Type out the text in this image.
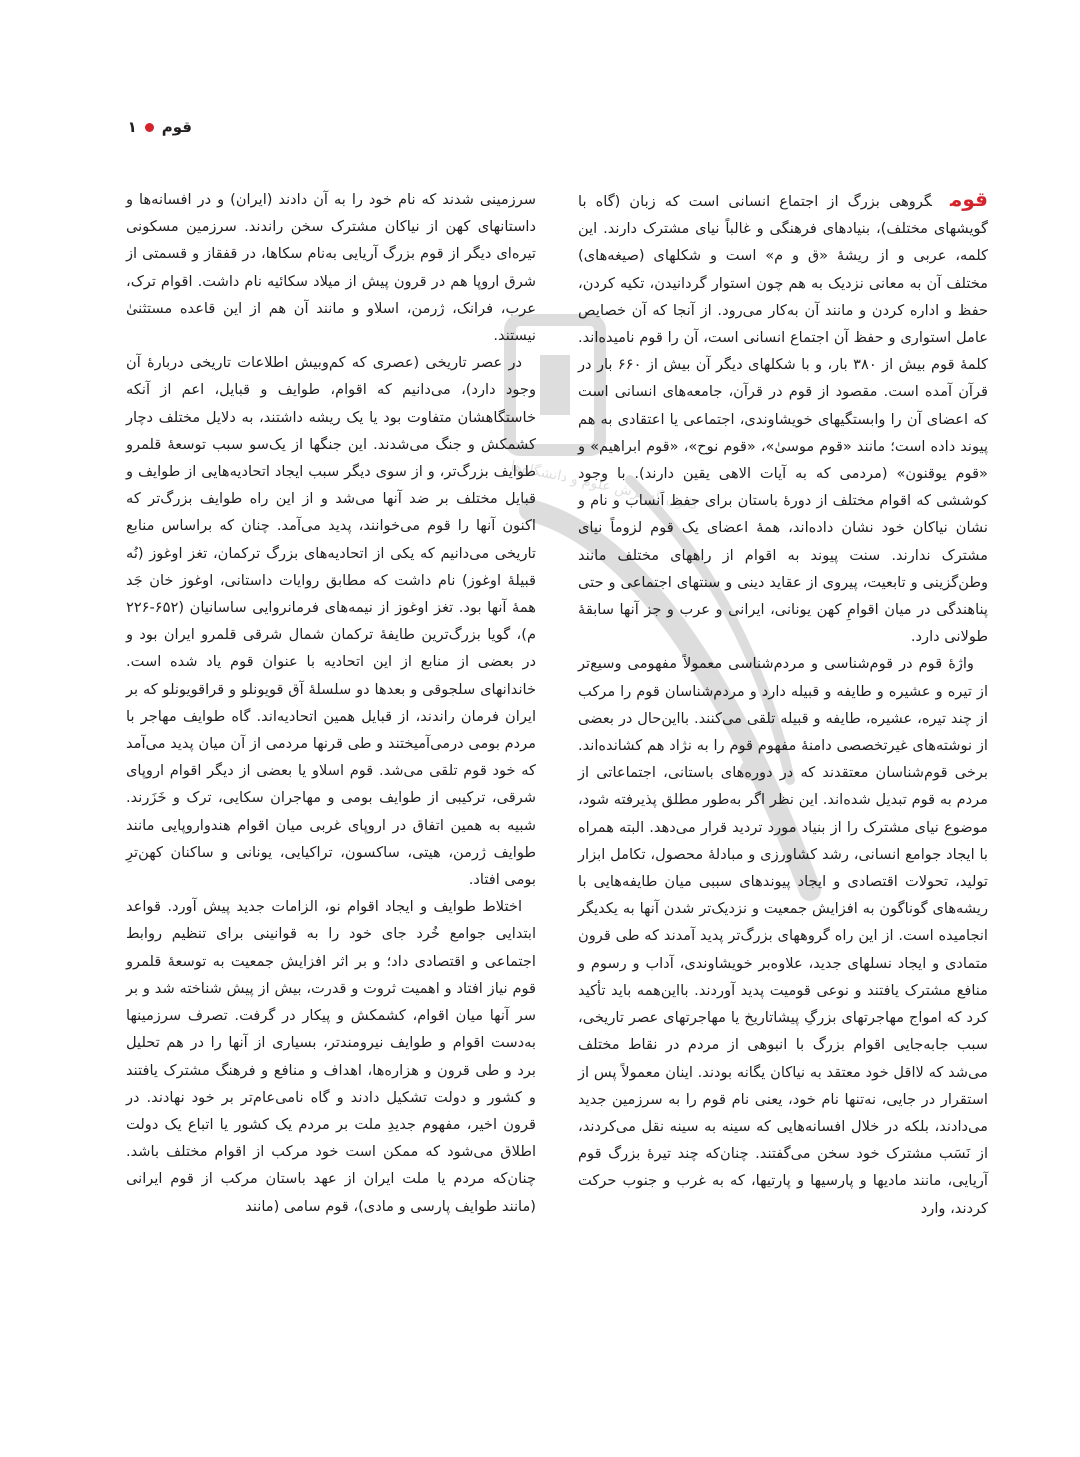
قوم
۱

قومگروهی بزرگ از اجتماع انسانی است که زبان (گاه با گویشهای مختلف)، بنیادهای فرهنگی و غالباً نیای مشترک دارند. این کلمه، عربی و از ریشهٔ «ق و م» است و شکلهای (صیغه‌های) مختلف آن به معانی نزدیک به هم چون استوار گردانیدن، تکیه کردن، حفظ و اداره کردن و مانند آن به‌کار می‌رود. از آنجا که آن خصایص عامل استواری و حفظ آن اجتماع انسانی است، آن را قوم نامیده‌اند. کلمهٔ قوم بیش از ۳۸۰ بار، و با شکلهای دیگر آن بیش از ۶۶۰ بار در قرآن آمده است. مقصود از قوم در قرآن، جامعه‌های انسانی است که اعضای آن را وابستگیهای خویشاوندی، اجتماعی یا اعتقادی به هم پیوند داده است؛ مانند «قوم موسیٰ»، «قوم نوح»، «قوم ابراهیم» و «قوم یوقنون» (مردمی که به آیات الاهی یقین دارند). با وجود کوششی که اقوام مختلف از دورهٔ باستان برای حفظ اَنساب و نام و نشان نیاکان خود نشان داده‌اند، همهٔ اعضای یک قوم لزوماً نیای مشترک ندارند. سنت پیوند به اقوام از راههای مختلف مانند وطن‌گزینی و تابعیت، پیروی از عقاید دینی و سنتهای اجتماعی و حتی پناهندگی در میان اقوامِ کهن یونانی، ایرانی و عرب و جز آنها سابقهٔ طولانی دارد.

واژهٔ قوم در قوم‌شناسی و مردم‌شناسی معمولاً مفهومی وسیع‌تر از تیره و عشیره و طایفه و قبیله دارد و مردم‌شناسان قوم را مرکب از چند تیره، عشیره، طایفه و قبیله تلقی می‌کنند. بااین‌حال در بعضی از نوشته‌های غیرتخصصی دامنهٔ مفهوم قوم را به نژاد هم کشانده‌اند. برخی قوم‌شناسان معتقدند که در دوره‌های باستانی، اجتماعاتی از مردم به قوم تبدیل شده‌اند. این نظر اگر به‌طور مطلق پذیرفته شود، موضوع نیای مشترک را از بنیاد مورد تردید قرار می‌دهد. البته همراه با ایجاد جوامع انسانی، رشد کشاورزی و مبادلهٔ محصول، تکامل ابزار تولید، تحولات اقتصادی و ایجاد پیوندهای سببی میان طایفه‌هایی با ریشه‌های گوناگون به افزایش جمعیت و نزدیک‌تر شدن آنها به یکدیگر انجامیده است. از این راه گروههای بزرگ‌تر پدید آمدند که طی قرون متمادی و ایجاد نسلهای جدید، علاوه‌بر خویشاوندی، آداب و رسوم و منافع مشترک یافتند و نوعی قومیت پدید آوردند. بااین‌همه باید تأکید کرد که امواج مهاجرتهای بزرگِ پیشاتاریخ یا مهاجرتهای عصر تاریخی، سبب جابه‌جایی اقوام بزرگ با انبوهی از مردم در نقاط مختلف می‌شد که لااقل خود معتقد به نیاکان یگانه بودند. اینان معمولاً پس از استقرار در جایی، نه‌تنها نام خود، یعنی نام قوم را به سرزمین جدید می‌دادند، بلکه در خلال افسانه‌هایی که سینه به سینه نقل می‌کردند، از نَسَب مشترک خود سخن می‌گفتند. چنان‌که چند تیرهٔ بزرگ قوم آریایی، مانند مادیها و پارسیها و پارتیها، که به غرب و جنوب حرکت کردند، وارد

سرزمینی شدند که نام خود را به آن دادند (ایران) و در افسانه‌ها و داستانهای کهن از نیاکان مشترک سخن راندند. سرزمین مسکونی تیره‌ای دیگر از قوم بزرگ آریایی به‌نام سکاها، در قفقاز و قسمتی از شرق اروپا هم در قرون پیش از میلاد سکائیه نام داشت. اقوام ترک، عرب، فرانک، ژرمن، اسلاو و مانند آن هم از این قاعده مستثنیٰ نیستند.

در عصر تاریخی (عصری که کم‌وبیش اطلاعات تاریخی دربارهٔ آن وجود دارد)، می‌دانیم که اقوام، طوایف و قبایل، اعم از آنکه خاستگاهشان متفاوت بود یا یک ریشه داشتند، به دلایل مختلف دچار کشمکش و جنگ می‌شدند. این جنگها از یک‌سو سبب توسعهٔ قلمرو طوایف بزرگ‌تر، و از سوی دیگر سبب ایجاد اتحادیه‌هایی از طوایف و قبایل مختلف بر ضد آنها می‌شد و از این راه طوایف بزرگ‌تر که اکنون آنها را قوم می‌خوانند، پدید می‌آمد. چنان که براساس منابع تاریخی می‌دانیم که یکی از اتحادیه‌های بزرگ ترکمان، تغز اوغوز (نُه قبیلهٔ اوغوز) نام داشت که مطابق روایات داستانی، اوغوز خان جَد همهٔ آنها بود. تغز اوغوز از نیمه‌های فرمانروایی ساسانیان (۶۵۲-۲۲۶ م)، گویا بزرگ‌ترین طایفهٔ ترکمان شمال شرقی قلمرو ایران بود و در بعضی از منابع از این اتحادیه با عنوان قوم یاد شده است. خاندانهای سلجوقی و بعدها دو سلسلهٔ آق قویونلو و قراقویونلو که بر ایران فرمان راندند، از قبایل همین اتحادیه‌اند. گاه طوایف مهاجر با مردم بومی درمی‌آمیختند و طی قرنها مردمی از آن میان پدید می‌آمد که خود قوم تلقی می‌شد. قوم اسلاو یا بعضی از دیگر اقوام اروپای شرقی، ترکیبی از طوایف بومی و مهاجران سکایی، ترک و خَزَرند. شبیه به همین اتفاق در اروپای غربی میان اقوام هندواروپایی مانند طوایف ژرمن، هیتی، ساکسون، تراکیایی، یونانی و ساکنان کهن‌ترِ بومی افتاد.

اختلاط طوایف و ایجاد اقوام نو، الزامات جدید پیش آورد. قواعد ابتدایی جوامع خُرد جای خود را به قوانینی برای تنظیم روابط اجتماعی و اقتصادی داد؛ و بر اثر افزایش جمعیت به توسعهٔ قلمرو قوم نیاز افتاد و اهمیت ثروت و قدرت، بیش از پیش شناخته شد و بر سر آنها میان اقوام، کشمکش و پیکار در گرفت. تصرف سرزمینها به‌دست اقوام و طوایف نیرومندتر، بسیاری از آنها را در هم تحلیل برد و طی قرون و هزاره‌ها، اهداف و منافع و فرهنگ مشترک یافتند و کشور و دولت تشکیل دادند و گاه نامی‌عام‌تر بر خود نهادند. در قرون اخیر، مفهوم جدیدِ ملت بر مردم یک کشور یا اتباع یک دولت اطلاق می‌شود که ممکن است خود مرکب از اقوام مختلف باشد. چنان‌که مردم یا ملت ایران از عهد باستان مرکب از قوم ایرانی (مانند طوایف پارسی و مادی)، قوم سامی (مانند

کانون گسترش علوم و دانشگاه‌ها
